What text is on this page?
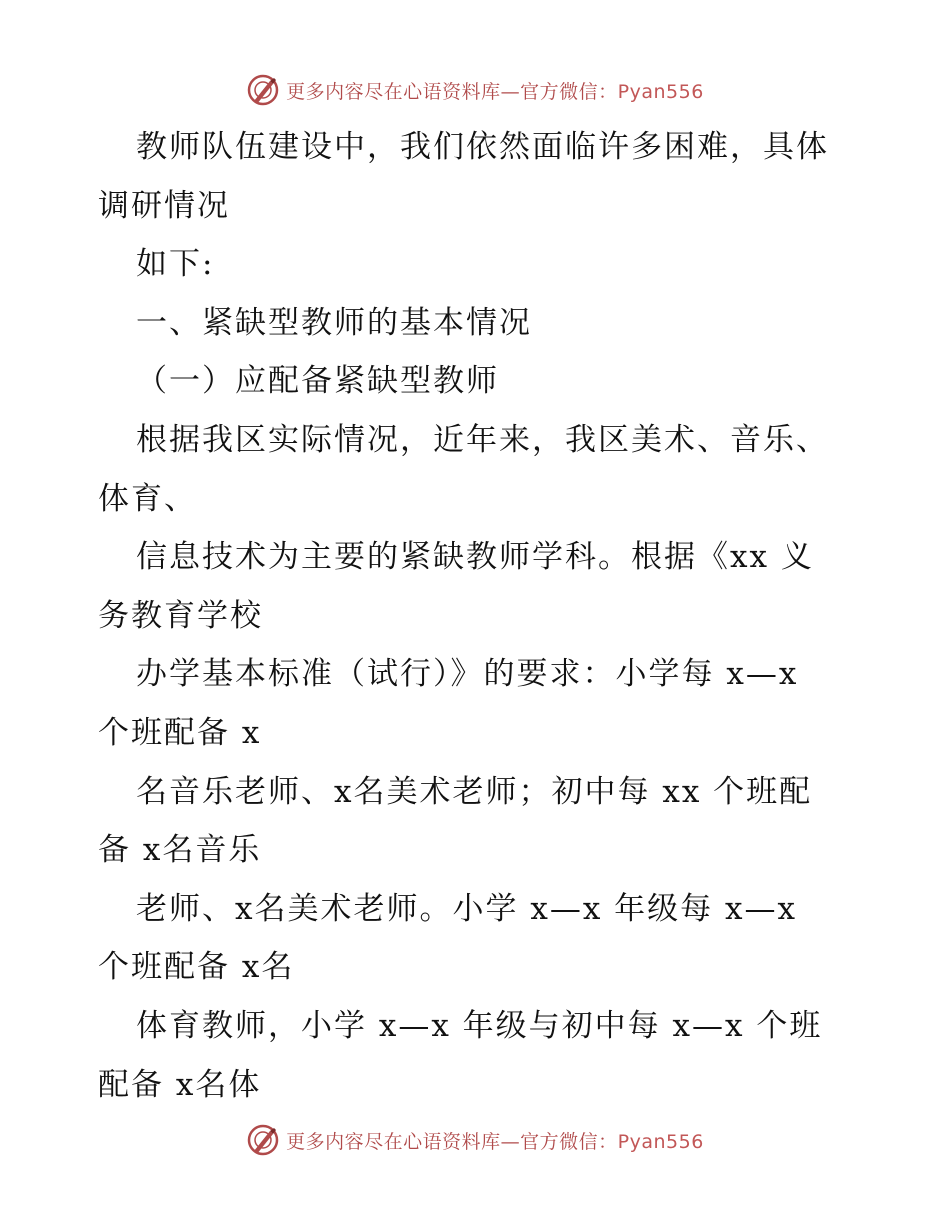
更多内容尽在心语资料库—官方微信：Pyan556
教师队伍建设中，我们依然面临许多困难，具体
调研情况
如下:
一、紧缺型教师的基本情况
（一）应配备紧缺型教师
根据我区实际情况，近年来，我区美术、音乐、
体育、
信息技术为主要的紧缺教师学科。根据《xx 义
务教育学校
办学基本标准（试行）》的要求：小学每 x—x
个班配备 x
名音乐老师、x名美术老师；初中每 xx 个班配
备 x名音乐
老师、x名美术老师。小学 x—x 年级每 x—x
个班配备 x名
体育教师，小学 x—x 年级与初中每 x—x 个班
配备 x名体
更多内容尽在心语资料库—官方微信：Pyan556
